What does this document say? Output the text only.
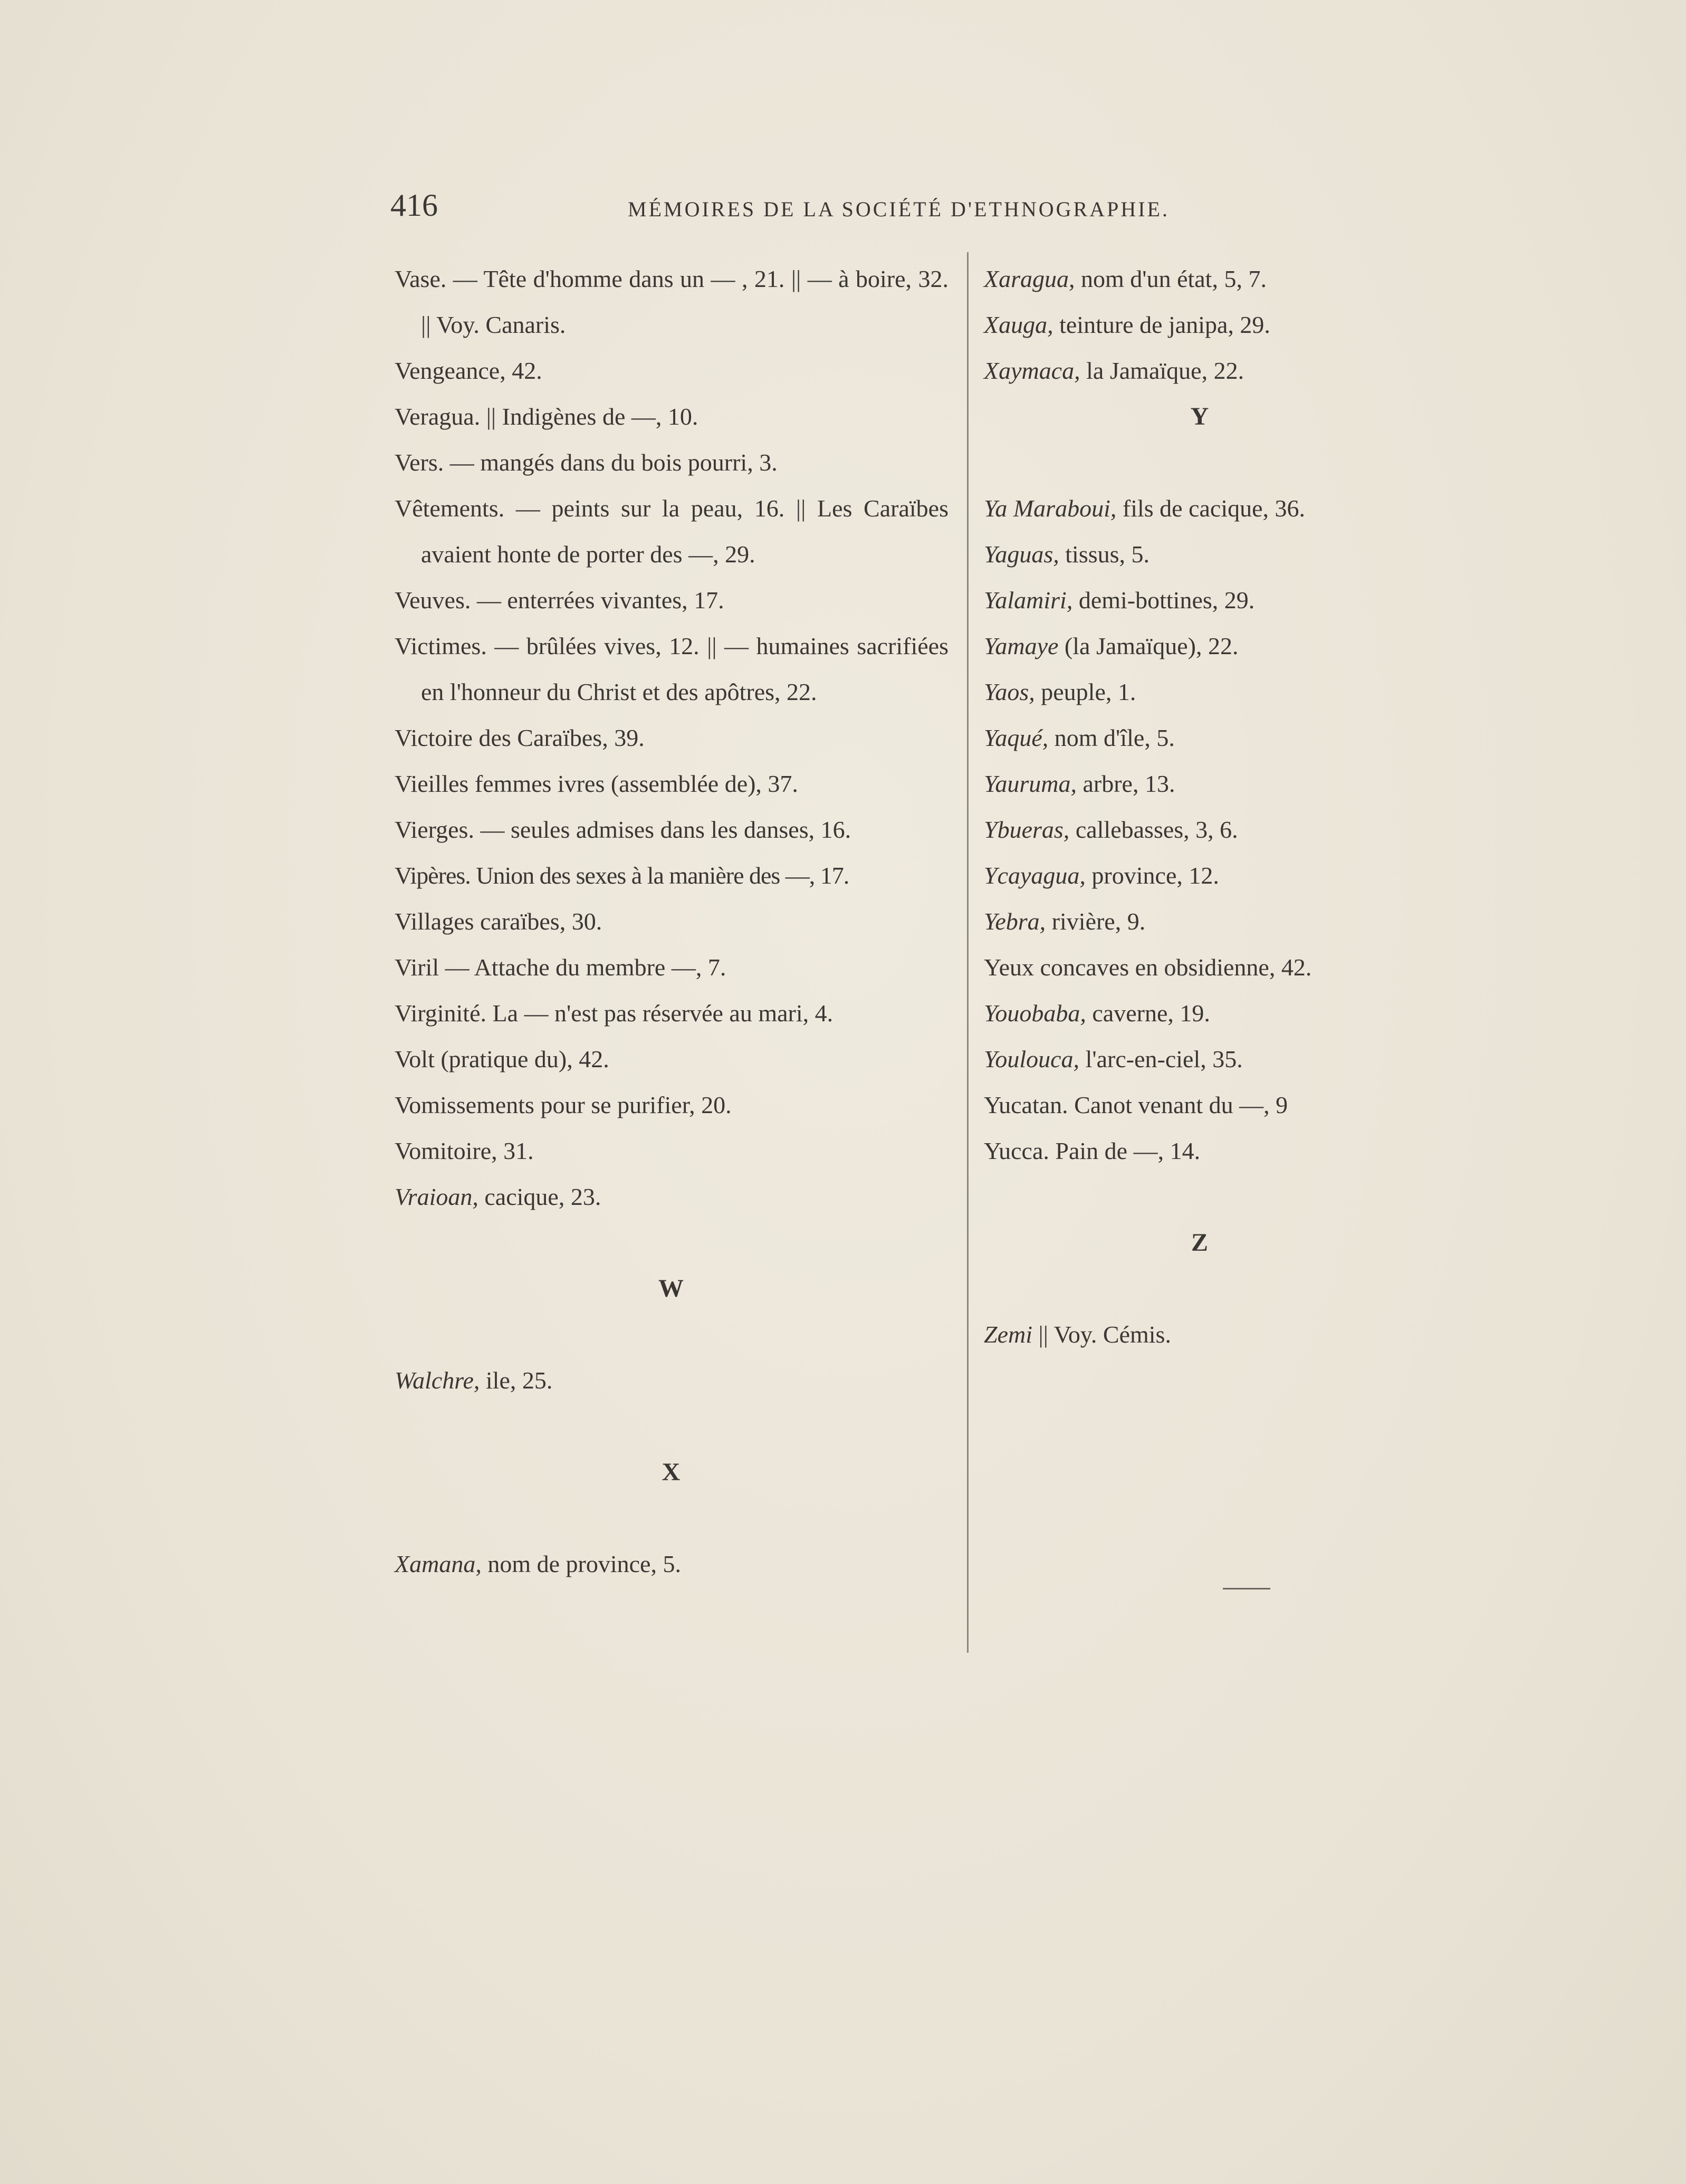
416	MÉMOIRES DE LA SOCIÉTÉ D'ETHNOGRAPHIE.
Vase. — Tête d'homme dans un — , 21. || — à boire, 32. || Voy. Canaris.
Vengeance, 42.
Veragua. || Indigènes de —, 10.
Vers. — mangés dans du bois pourri, 3.
Vêtements. — peints sur la peau, 16. || Les Caraïbes avaient honte de porter des —, 29.
Veuves. — enterrées vivantes, 17.
Victimes. — brûlées vives, 12. || — humaines sacrifiées en l'honneur du Christ et des apôtres, 22.
Victoire des Caraïbes, 39.
Vieilles femmes ivres (assemblée de), 37.
Vierges. — seules admises dans les danses, 16.
Vipères. Union des sexes à la manière des —, 17.
Villages caraïbes, 30.
Viril — Attache du membre —, 7.
Virginité. La — n'est pas réservée au mari, 4.
Volt (pratique du), 42.
Vomissements pour se purifier, 20.
Vomitoire, 31.
Vraioan, cacique, 23.
W
Walchre, ile, 25.
X
Xamana, nom de province, 5.
Xaragua, nom d'un état, 5, 7.
Xauga, teinture de janipa, 29.
Xaymaca, la Jamaïque, 22.
Y
Ya Maraboui, fils de cacique, 36.
Yaguas, tissus, 5.
Yalamiri, demi-bottines, 29.
Yamaye (la Jamaïque), 22.
Yaos, peuple, 1.
Yaqué, nom d'île, 5.
Yauruma, arbre, 13.
Ybueras, callebasses, 3, 6.
Ycayagua, province, 12.
Yebra, rivière, 9.
Yeux concaves en obsidienne, 42.
Youobaba, caverne, 19.
Youlouca, l'arc-en-ciel, 35.
Yucatan. Canot venant du —, 9
Yucca. Pain de —, 14.
Z
Zemi || Voy. Cémis.
